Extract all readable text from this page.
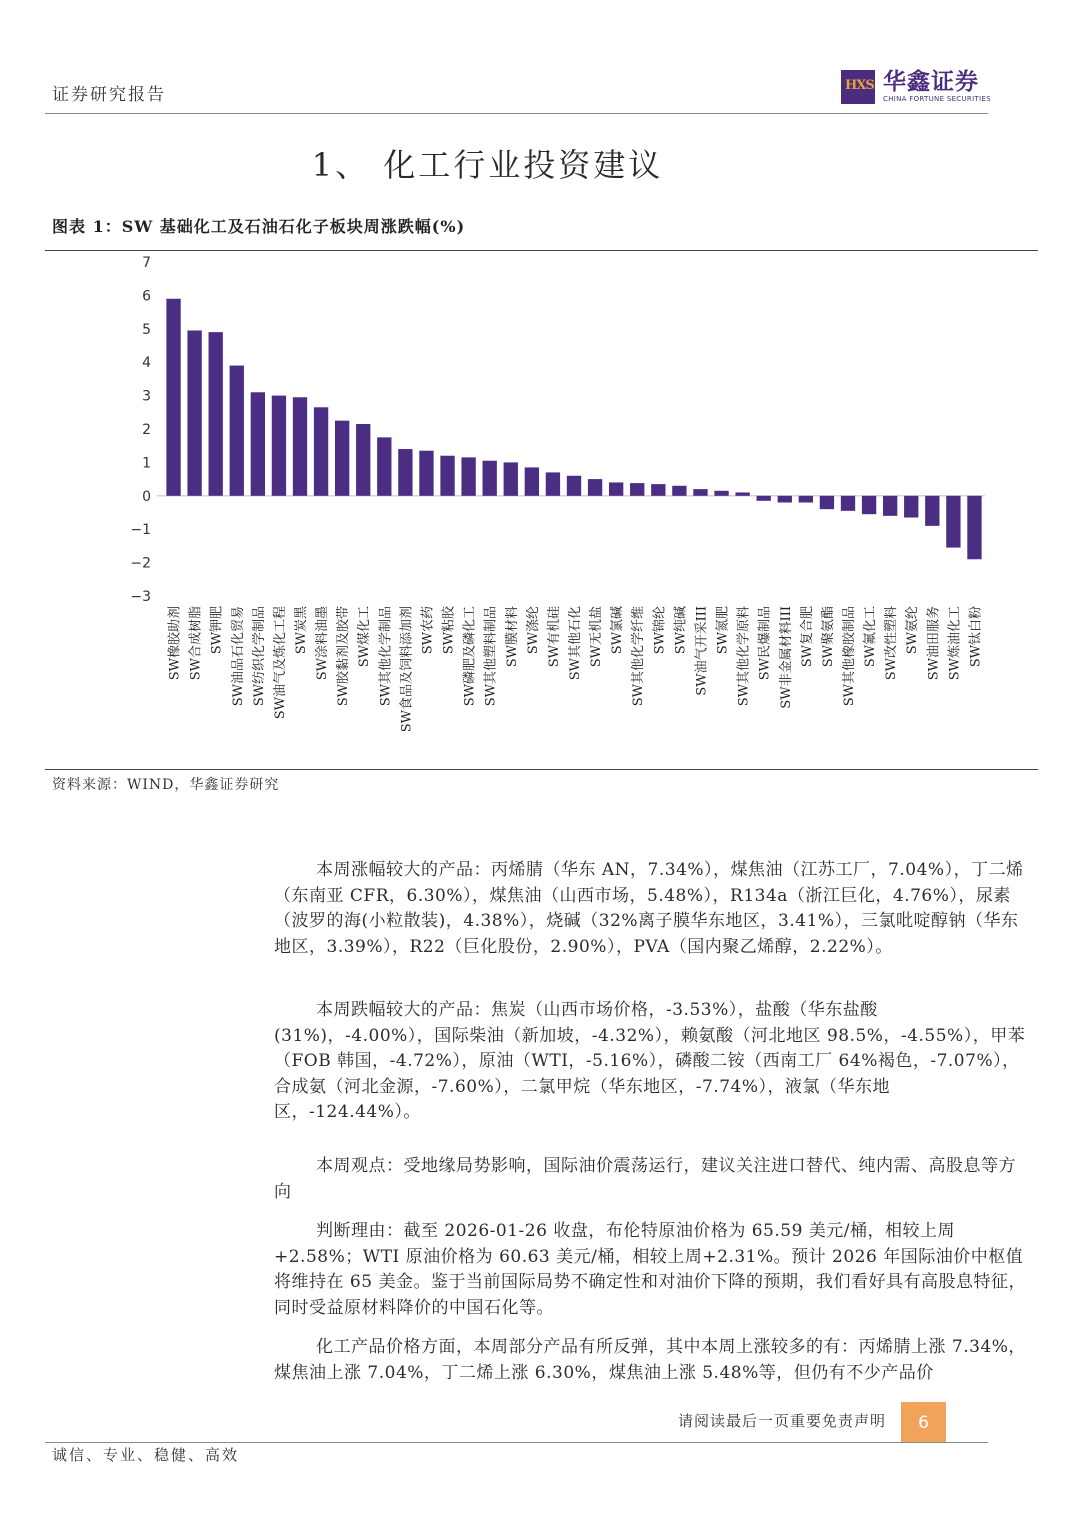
证券研究报告	HXS 华鑫证券
CHINA FORTUNE SECURITIES
1、 化工行业投资建议
图表 1：SW 基础化工及石油石化子板块周涨跌幅(%)
7
6
5
4
3
2
1
0
−1
−2
−3
SW橡胶助剂 SW合成树脂 SW钾肥 SW油品石化贸易 SW纺织化学制品 SW油气及炼化工程 SW炭黑 SW涂料油墨 SW胶黏剂及胶带 SW煤化工 SW其他化学制品 SW食品及饲料添加剂 SW农药 SW粘胶 SW磷肥及磷化工 SW其他塑料制品 SW膜材料 SW涤纶 SW有机硅 SW其他石化 SW无机盐 SW氯碱 SW其他化学纤维 SW锦纶 SW纯碱 SW油气开采III SW氮肥 SW其他化学原料 SW民爆制品 SW非金属材料III SW复合肥 SW聚氨酯 SW其他橡胶制品 SW氟化工 SW改性塑料 SW氨纶 SW油田服务 SW炼油化工 SW钛白粉
资料来源：WIND，华鑫证券研究

本周涨幅较大的产品：丙烯腈（华东 AN，7.34%），煤焦油（江苏工厂，7.04%），丁二烯（东南亚 CFR，6.30%），煤焦油（山西市场，5.48%），R134a（浙江巨化，4.76%），尿素（波罗的海(小粒散装)，4.38%），烧碱（32%离子膜华东地区，3.41%），三氯吡啶醇钠（华东地区，3.39%），R22（巨化股份，2.90%），PVA（国内聚乙烯醇，2.22%）。

本周跌幅较大的产品：焦炭（山西市场价格，-3.53%），盐酸（华东盐酸(31%)，-4.00%），国际柴油（新加坡，-4.32%），赖氨酸（河北地区 98.5%，-4.55%），甲苯（FOB 韩国，-4.72%），原油（WTI，-5.16%），磷酸二铵（西南工厂 64%褐色，-7.07%），合成氨（河北金源，-7.60%），二氯甲烷（华东地区，-7.74%），液氯（华东地区，-124.44%）。

本周观点：受地缘局势影响，国际油价震荡运行，建议关注进口替代、纯内需、高股息等方向

判断理由：截至 2026-01-26 收盘，布伦特原油价格为 65.59 美元/桶，相较上周+2.58%；WTI 原油价格为 60.63 美元/桶，相较上周+2.31%。预计 2026 年国际油价中枢值将维持在 65 美金。鉴于当前国际局势不确定性和对油价下降的预期，我们看好具有高股息特征，同时受益原材料降价的中国石化等。

化工产品价格方面，本周部分产品有所反弹，其中本周上涨较多的有：丙烯腈上涨 7.34%，煤焦油上涨 7.04%，丁二烯上涨 6.30%，煤焦油上涨 5.48%等，但仍有不少产品价

请阅读最后一页重要免责声明	6
诚信、专业、稳健、高效
